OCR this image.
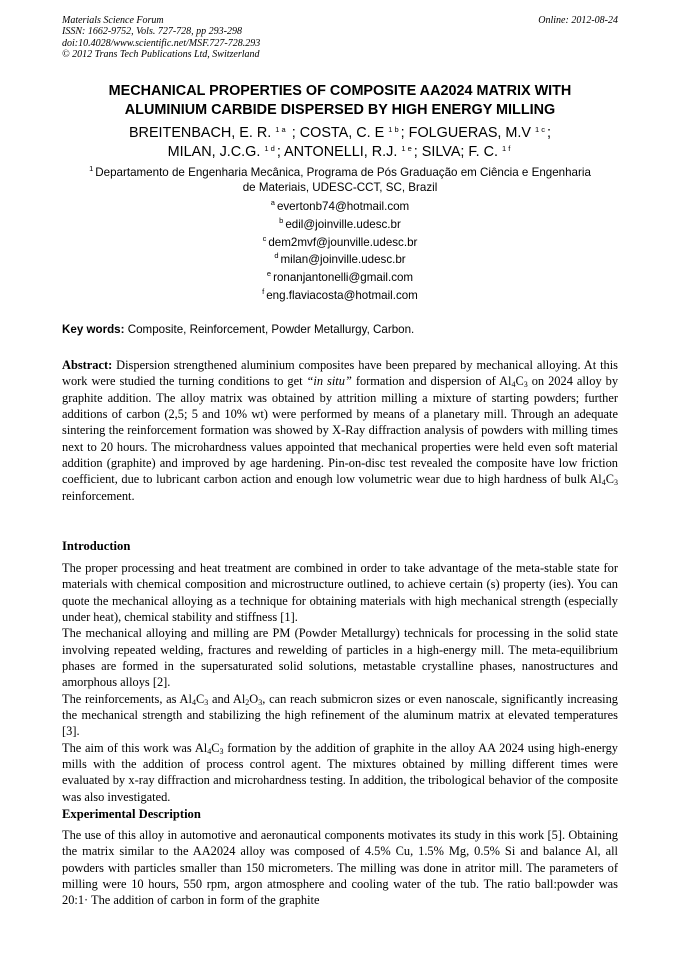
Materials Science Forum	Online: 2012-08-24
ISSN: 1662-9752, Vols. 727-728, pp 293-298
doi:10.4028/www.scientific.net/MSF.727-728.293
© 2012 Trans Tech Publications Ltd, Switzerland
MECHANICAL PROPERTIES OF COMPOSITE AA2024 MATRIX WITH
ALUMINIUM CARBIDE DISPERSED BY HIGH ENERGY MILLING
BREITENBACH, E. R. $^{1 a}$ ; COSTA, C. E $^{1 b}$ ; FOLGUERAS, M.V $^{1 c}$ ;
MILAN, J.C.G. $^{1 d}$ ; ANTONELLI, R.J. $^{1 e}$ ; SILVA; F. C. $^{1 f}$
$^1$ Departamento de Engenharia Mecânica, Programa de Pós Graduação em Ciência e Engenharia
de Materiais, UDESC-CCT, SC, Brazil
$^a$ evertonb74@hotmail.com
$^b$ edil@joinville.udesc.br
$^c$ dem2mvf@jounville.udesc.br
$^d$ milan@joinville.udesc.br
$^e$ ronanjantonelli@gmail.com
$^f$ eng.flaviacosta@hotmail.com
Key words: Composite, Reinforcement, Powder Metallurgy, Carbon.
Abstract: Dispersion strengthened aluminium composites have been prepared by mechanical alloying. At this work were studied the turning conditions to get “in situ” formation and dispersion of $Al_4C_3$ on 2024 alloy by graphite addition. The alloy matrix was obtained by attrition milling a mixture of starting powders; further additions of carbon (2,5; 5 and 10% wt) were performed by means of a planetary mill. Through an adequate sintering the reinforcement formation was showed by X-Ray diffraction analysis of powders with milling times next to 20 hours. The microhardness values appointed that mechanical properties were held even soft material addition (graphite) and improved by age hardening. Pin-on-disc test revealed the composite have low friction coefficient, due to lubricant carbon action and enough low volumetric wear due to high hardness of bulk $Al_4C_3$ reinforcement.
Introduction

The proper processing and heat treatment are combined in order to take advantage of the meta-stable state for materials with chemical composition and microstructure outlined, to achieve certain (s) property (ies). You can quote the mechanical alloying as a technique for obtaining materials with high mechanical strength (especially under heat), chemical stability and stiffness [1].

The mechanical alloying and milling are PM (Powder Metallurgy) technicals for processing in the solid state involving repeated welding, fractures and rewelding of particles in a high-energy mill. The meta-equilibrium phases are formed in the supersaturated solid solutions, metastable crystalline phases, nanostructures and amorphous alloys [2].

The reinforcements, as $Al_4C_3$ and $Al_2O_3$, can reach submicron sizes or even nanoscale, significantly increasing the mechanical strength and stabilizing the high refinement of the aluminum matrix at elevated temperatures [3].

The aim of this work was $Al_4C_3$ formation by the addition of graphite in the alloy AA 2024 using high-energy mills with the addition of process control agent. The mixtures obtained by milling different times were evaluated by x-ray diffraction and microhardness testing. In addition, the tribological behavior of the composite was also investigated.

Experimental Description

The use of this alloy in automotive and aeronautical components motivates its study in this work [5]. Obtaining the matrix similar to the AA2024 alloy was composed of 4.5% Cu, 1.5% Mg, 0.5% Si and balance Al, all powders with particles smaller than 150 micrometers. The milling was done in atritor mill. The parameters of milling were 10 hours, 550 rpm, argon atmosphere and cooling water of the tub. The ratio ball:powder was 20:1· The addition of carbon in form of the graphite
